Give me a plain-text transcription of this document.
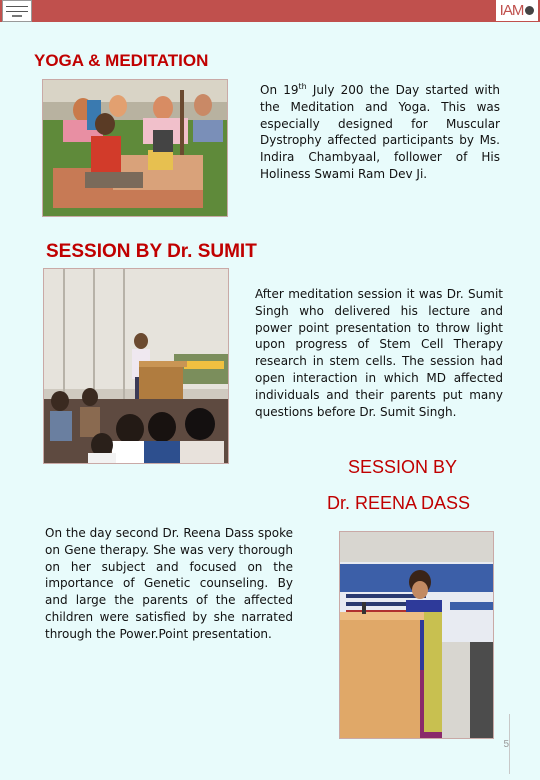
IAM
YOGA & MEDITATION

On 19th July 200 the Day started with the Meditation and Yoga. This was especially designed for Muscular Dystrophy affected participants by Ms. Indira Chambyaal, follower of His Holiness Swami Ram Dev Ji.

SESSION BY Dr. SUMIT

After meditation session it was Dr. Sumit Singh who delivered his lecture and power point presentation to throw light upon progress of Stem Cell Therapy research in stem cells. The session had open interaction in which MD affected individuals and their parents put many questions before Dr. Sumit Singh.

SESSION BY
Dr. REENA DASS

On the day second Dr. Reena Dass spoke on Gene therapy. She was very thorough on her subject and focused on the importance of Genetic counseling. By and large the parents of the affected children were satisfied by she narrated through the Power.Point presentation.

5
